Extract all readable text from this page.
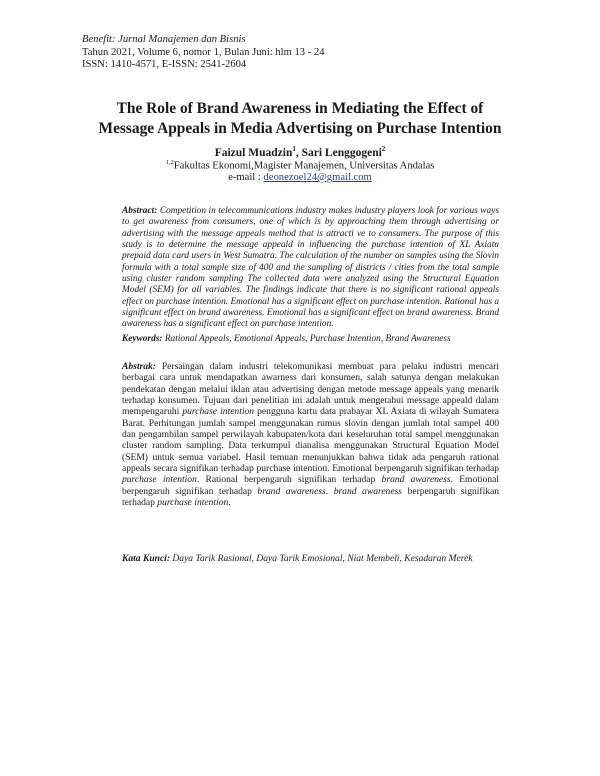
Benefit: Jurnal Manajemen dan Bisnis
Tahun 2021, Volume 6, nomor 1, Bulan Juni: hlm 13 - 24
ISSN: 1410-4571, E-ISSN: 2541-2604
The Role of Brand Awareness in Mediating the Effect of
Message Appeals in Media Advertising on Purchase Intention
Faizul Muadzin$^1$, Sari Lenggogeni$^2$
$^{1,2}$Fakultas Ekonomi,Magister Manajemen, Universitas Andalas
e-mail : deonezoel24@gmail.com
Abstract: Competition in telecommunications industry makes industry players look for various ways to get awareness from consumers, one of which is by approaching them through advertising or advertising with the message appeals method that is attracti ve to consumers. The purpose of this study is to determine the message appeald in influencing the purchase intention of XL Axiata prepaid data card users in West Sumatra. The calculation of the number on samples using the Slovin formula with a total sample size of 400 and the sampling of districts / cities from the total sample using cluster random sampling The collected data were analyzed using the Structural Equation Model (SEM) for all variables. The findings indicate that there is no significant rational appeals effect on purchase intention. Emotional has a significant effect on purchase intention. Rational has a significant effect on brand awareness. Emotional has a significant effect on brand awareness. Brand awareness has a significant effect on purchase intention.
Keywords: Rational Appeals, Emotional Appeals, Purchase Intention, Brand Awareness
Abstrak: Persaingan dalam industri telekomunikasi membuat para pelaku industri mencari berbagai cara untuk mendapatkan awarness dari konsumen, salah satunya dengan melakukan pendekatan dengan melalui iklan atau advertising dengan metode message appeals yang menarik terhadap konsumen. Tujuan dari penelitian ini adalah untuk mengetahui message appeald dalam mempengaruhi purchase intention pengguna kartu data prabayar XL Axiata di wilayah Sumatera Barat. Perhitungan jumlah sampel menggunakan rumus slovin dengan jumlah total sampel 400 dan pengambilan sampel perwilayah kabupaten/kota dari keseluruhan total sampel menggunakan cluster random sampling. Data terkumpul dianalisa menggunakan Structural Equation Model (SEM) untuk semua variabel. Hasil temuan menunjukkan bahwa tidak ada pengaruh rational appeals secara signifikan terhadap purchase intention. Emotional berpengaruh signifikan terhadap purchase intention. Rational berpengaruh signifikan terhadap brand awareness. Emotional berpengaruh signifikan terhadap brand awareness. brand awareness berpengaruh signifikan terhadap purchase intention.
Kata Kunci: Daya Tarik Rasional, Daya Tarik Emosional, Niat Membeli, Kesadaran Merek
